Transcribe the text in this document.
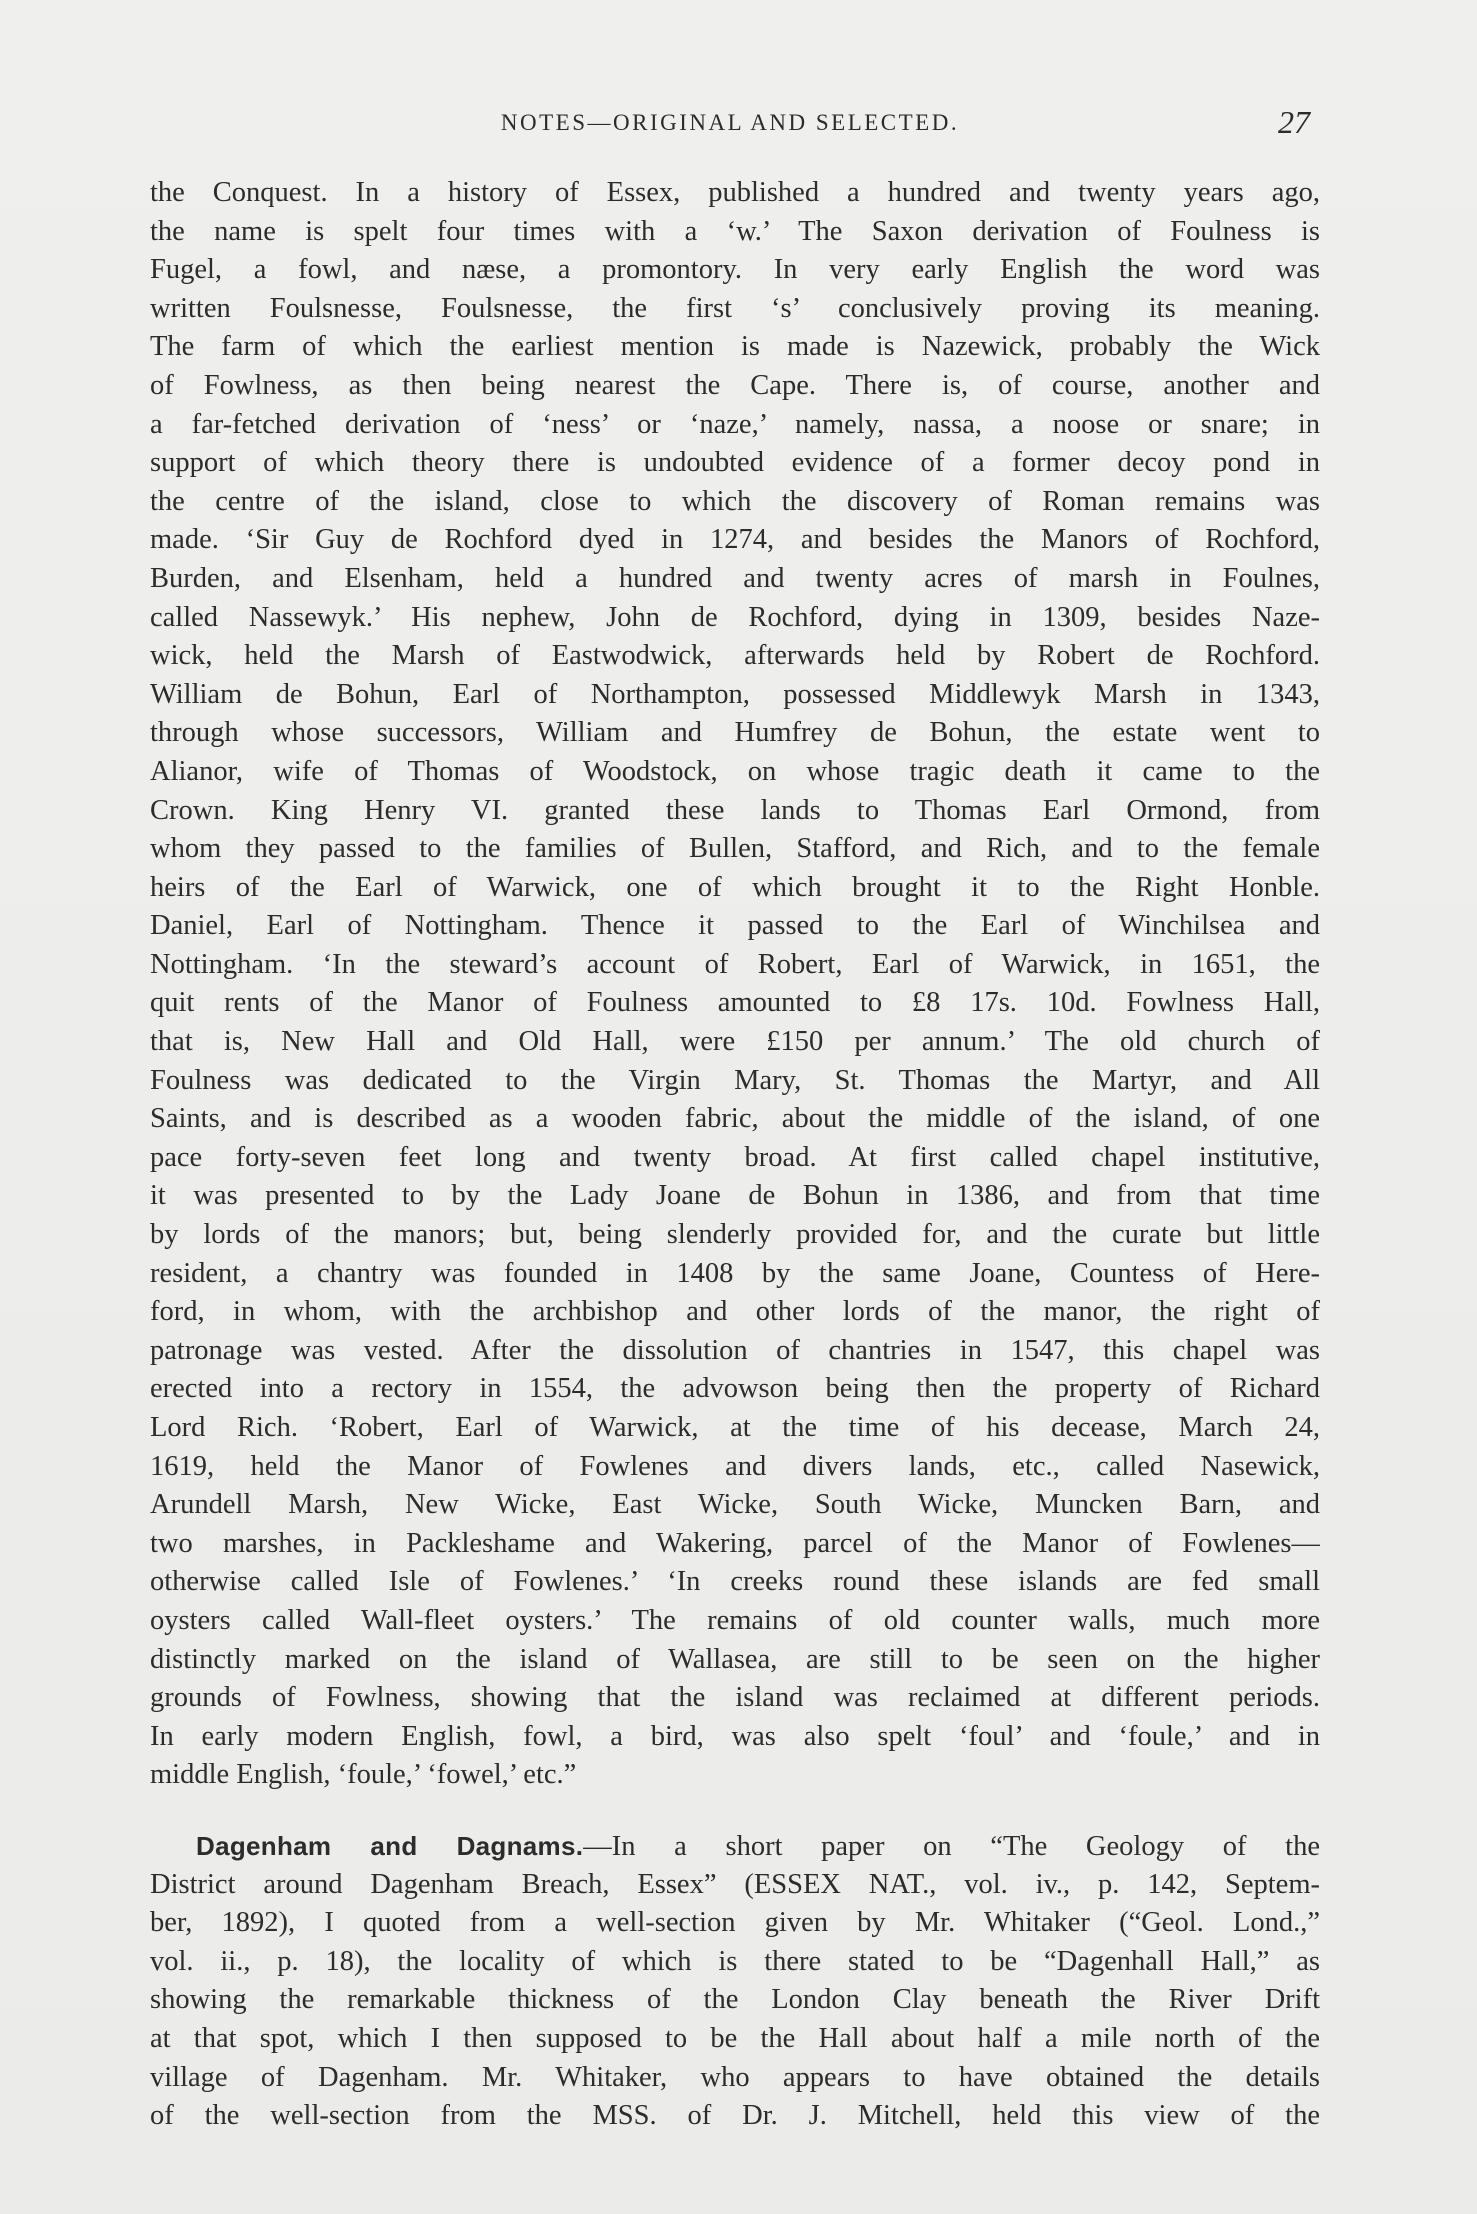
NOTES—ORIGINAL AND SELECTED.	27
the Conquest. In a history of Essex, published a hundred and twenty years ago,
the name is spelt four times with a ‘w.’ The Saxon derivation of Foulness is
Fugel, a fowl, and næse, a promontory. In very early English the word was
written Foulsnesse, Foulsnesse, the first ‘s’ conclusively proving its meaning.
The farm of which the earliest mention is made is Nazewick, probably the Wick
of Fowlness, as then being nearest the Cape. There is, of course, another and
a far-fetched derivation of ‘ness’ or ‘naze,’ namely, nassa, a noose or snare; in
support of which theory there is undoubted evidence of a former decoy pond in
the centre of the island, close to which the discovery of Roman remains was
made. ‘Sir Guy de Rochford dyed in 1274, and besides the Manors of Rochford,
Burden, and Elsenham, held a hundred and twenty acres of marsh in Foulnes,
called Nassewyk.’ His nephew, John de Rochford, dying in 1309, besides Naze-
wick, held the Marsh of Eastwodwick, afterwards held by Robert de Rochford.
William de Bohun, Earl of Northampton, possessed Middlewyk Marsh in 1343,
through whose successors, William and Humfrey de Bohun, the estate went to
Alianor, wife of Thomas of Woodstock, on whose tragic death it came to the
Crown. King Henry VI. granted these lands to Thomas Earl Ormond, from
whom they passed to the families of Bullen, Stafford, and Rich, and to the female
heirs of the Earl of Warwick, one of which brought it to the Right Honble.
Daniel, Earl of Nottingham. Thence it passed to the Earl of Winchilsea and
Nottingham. ‘In the steward’s account of Robert, Earl of Warwick, in 1651, the
quit rents of the Manor of Foulness amounted to £8 17s. 10d. Fowlness Hall,
that is, New Hall and Old Hall, were £150 per annum.’ The old church of
Foulness was dedicated to the Virgin Mary, St. Thomas the Martyr, and All
Saints, and is described as a wooden fabric, about the middle of the island, of one
pace forty-seven feet long and twenty broad. At first called chapel institutive,
it was presented to by the Lady Joane de Bohun in 1386, and from that time
by lords of the manors; but, being slenderly provided for, and the curate but little
resident, a chantry was founded in 1408 by the same Joane, Countess of Here-
ford, in whom, with the archbishop and other lords of the manor, the right of
patronage was vested. After the dissolution of chantries in 1547, this chapel was
erected into a rectory in 1554, the advowson being then the property of Richard
Lord Rich. ‘Robert, Earl of Warwick, at the time of his decease, March 24,
1619, held the Manor of Fowlenes and divers lands, etc., called Nasewick,
Arundell Marsh, New Wicke, East Wicke, South Wicke, Muncken Barn, and
two marshes, in Packleshame and Wakering, parcel of the Manor of Fowlenes—
otherwise called Isle of Fowlenes.’ ‘In creeks round these islands are fed small
oysters called Wall-fleet oysters.’ The remains of old counter walls, much more
distinctly marked on the island of Wallasea, are still to be seen on the higher
grounds of Fowlness, showing that the island was reclaimed at different periods.
In early modern English, fowl, a bird, was also spelt ‘foul’ and ‘foule,’ and in
middle English, ‘foule,’ ‘fowel,’ etc.”
Dagenham and Dagnams.—In a short paper on “The Geology of the
District around Dagenham Breach, Essex” (ESSEX NAT., vol. iv., p. 142, Septem-
ber, 1892), I quoted from a well-section given by Mr. Whitaker (“Geol. Lond.,”
vol. ii., p. 18), the locality of which is there stated to be “Dagenhall Hall,” as
showing the remarkable thickness of the London Clay beneath the River Drift
at that spot, which I then supposed to be the Hall about half a mile north of the
village of Dagenham. Mr. Whitaker, who appears to have obtained the details
of the well-section from the MSS. of Dr. J. Mitchell, held this view of the
